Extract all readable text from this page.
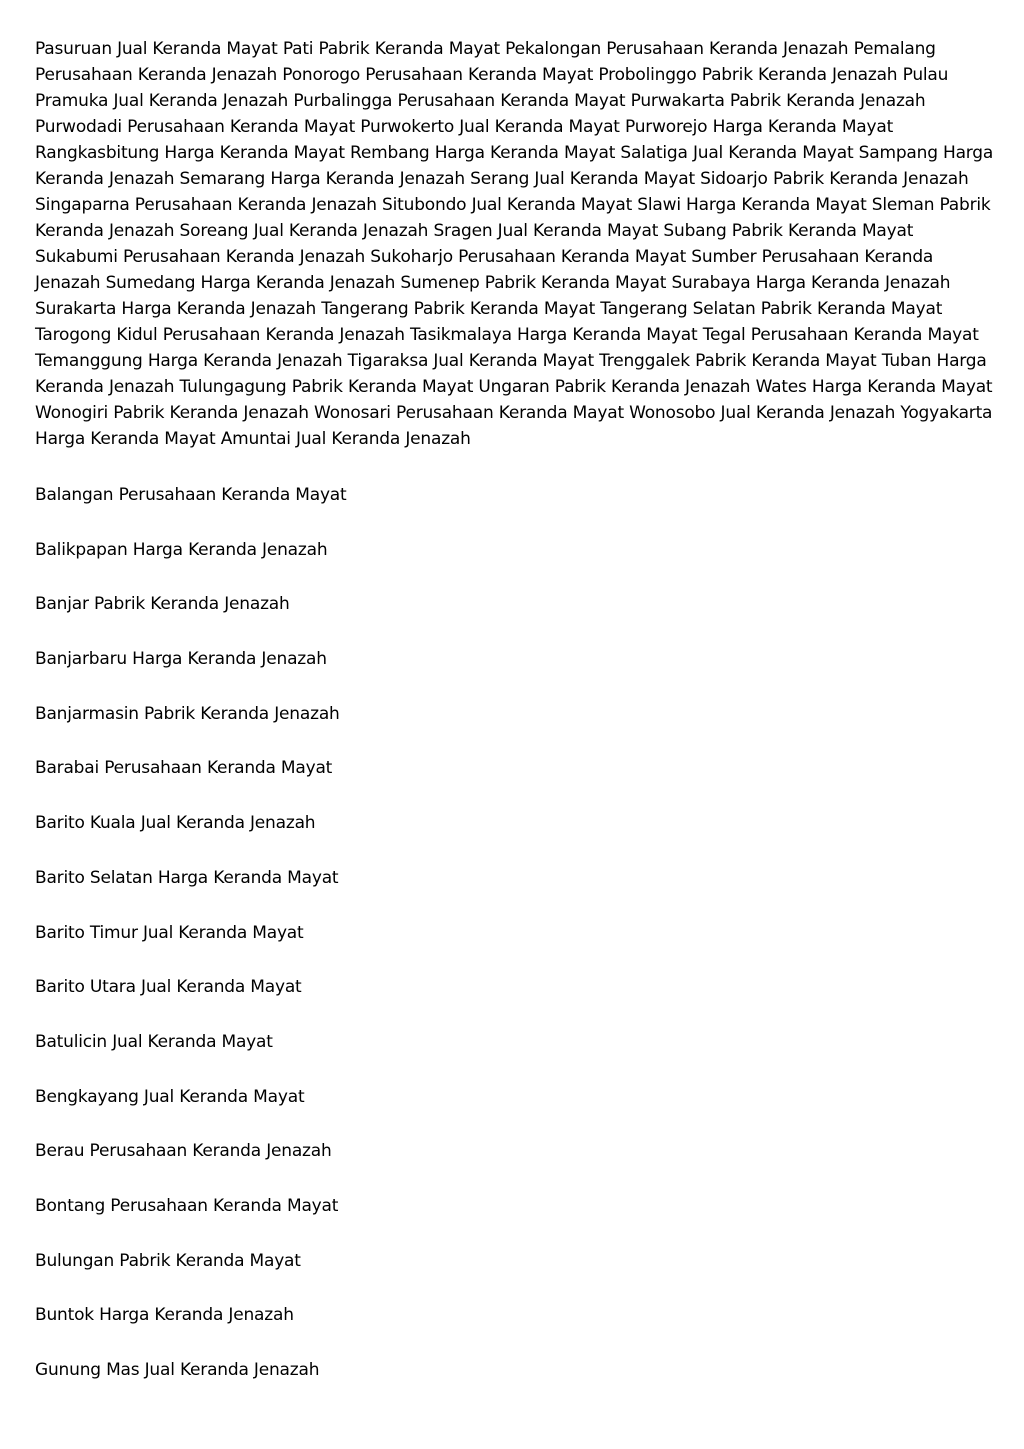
Pasuruan Jual Keranda Mayat Pati Pabrik Keranda Mayat Pekalongan Perusahaan Keranda Jenazah Pemalang Perusahaan Keranda Jenazah Ponorogo Perusahaan Keranda Mayat Probolinggo Pabrik Keranda Jenazah Pulau Pramuka Jual Keranda Jenazah Purbalingga Perusahaan Keranda Mayat Purwakarta Pabrik Keranda Jenazah Purwodadi Perusahaan Keranda Mayat Purwokerto Jual Keranda Mayat Purworejo Harga Keranda Mayat Rangkasbitung Harga Keranda Mayat Rembang Harga Keranda Mayat Salatiga Jual Keranda Mayat Sampang Harga Keranda Jenazah Semarang Harga Keranda Jenazah Serang Jual Keranda Mayat Sidoarjo Pabrik Keranda Jenazah Singaparna Perusahaan Keranda Jenazah Situbondo Jual Keranda Mayat Slawi Harga Keranda Mayat Sleman Pabrik Keranda Jenazah Soreang Jual Keranda Jenazah Sragen Jual Keranda Mayat Subang Pabrik Keranda Mayat Sukabumi Perusahaan Keranda Jenazah Sukoharjo Perusahaan Keranda Mayat Sumber Perusahaan Keranda Jenazah Sumedang Harga Keranda Jenazah Sumenep Pabrik Keranda Mayat Surabaya Harga Keranda Jenazah Surakarta Harga Keranda Jenazah Tangerang Pabrik Keranda Mayat Tangerang Selatan Pabrik Keranda Mayat Tarogong Kidul Perusahaan Keranda Jenazah Tasikmalaya Harga Keranda Mayat Tegal Perusahaan Keranda Mayat Temanggung Harga Keranda Jenazah Tigaraksa Jual Keranda Mayat Trenggalek Pabrik Keranda Mayat Tuban Harga Keranda Jenazah Tulungagung Pabrik Keranda Mayat Ungaran Pabrik Keranda Jenazah Wates Harga Keranda Mayat Wonogiri Pabrik Keranda Jenazah Wonosari Perusahaan Keranda Mayat Wonosobo Jual Keranda Jenazah Yogyakarta Harga Keranda Mayat Amuntai Jual Keranda Jenazah

Balangan Perusahaan Keranda Mayat
Balikpapan Harga Keranda Jenazah
Banjar Pabrik Keranda Jenazah
Banjarbaru Harga Keranda Jenazah
Banjarmasin Pabrik Keranda Jenazah
Barabai Perusahaan Keranda Mayat
Barito Kuala Jual Keranda Jenazah
Barito Selatan Harga Keranda Mayat
Barito Timur Jual Keranda Mayat
Barito Utara Jual Keranda Mayat
Batulicin Jual Keranda Mayat
Bengkayang Jual Keranda Mayat
Berau Perusahaan Keranda Jenazah
Bontang Perusahaan Keranda Mayat
Bulungan Pabrik Keranda Mayat
Buntok Harga Keranda Jenazah
Gunung Mas Jual Keranda Jenazah
